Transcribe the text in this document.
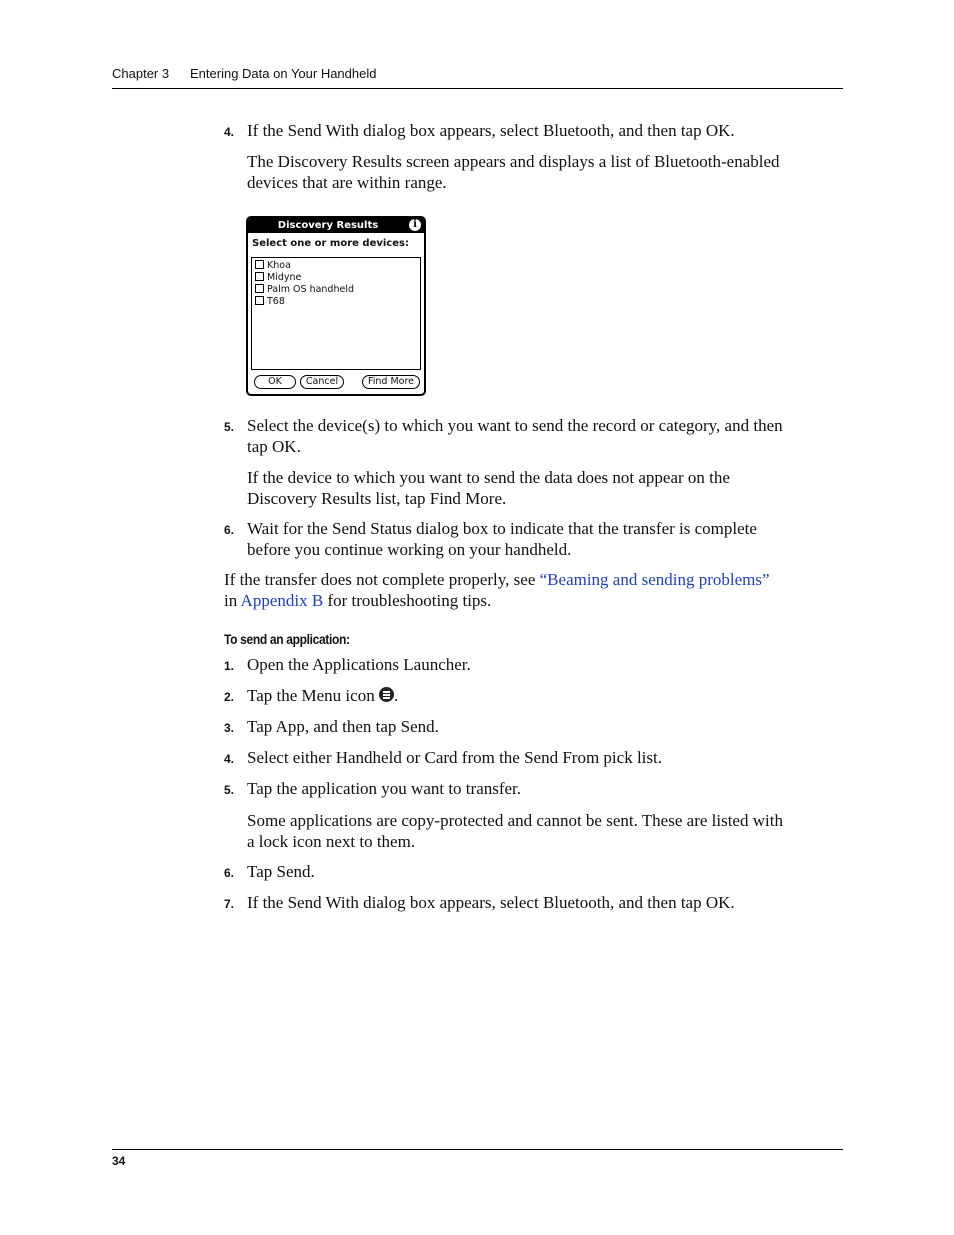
Chapter 3 Entering Data on Your Handheld
4. If the Send With dialog box appears, select Bluetooth, and then tap OK.
The Discovery Results screen appears and displays a list of Bluetooth-enabled
devices that are within range.
Discovery Results	i
Select one or more devices:
Khoa
Midyne
Palm OS handheld
T68
OK	Cancel	Find More
5. Select the device(s) to which you want to send the record or category, and then
tap OK.
If the device to which you want to send the data does not appear on the
Discovery Results list, tap Find More.
6. Wait for the Send Status dialog box to indicate that the transfer is complete
before you continue working on your handheld.
If the transfer does not complete properly, see “Beaming and sending problems”
in Appendix B for troubleshooting tips.
To send an application:
1. Open the Applications Launcher.
2. Tap the Menu icon .
3. Tap App, and then tap Send.
4. Select either Handheld or Card from the Send From pick list.
5. Tap the application you want to transfer.
Some applications are copy-protected and cannot be sent. These are listed with
a lock icon next to them.
6. Tap Send.
7. If the Send With dialog box appears, select Bluetooth, and then tap OK.
34
